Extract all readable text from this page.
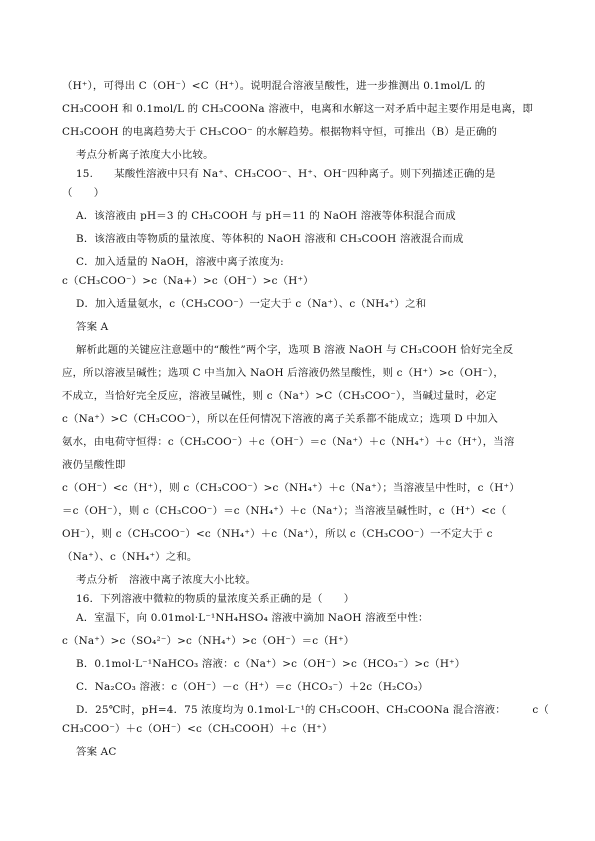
（H⁺），可得出 C（OH⁻）<C（H⁺）。说明混合溶液呈酸性，进一步推测出 0.1mol/L 的
CH₃COOH 和 0.1mol/L 的 CH₃COONa 溶液中，电离和水解这一对矛盾中起主要作用是电离，即
CH₃COOH 的电离趋势大于 CH₃COO⁻ 的水解趋势。根据物料守恒，可推出（B）是正确的
考点分析离子浓度大小比较。
15.　　某酸性溶液中只有 Na⁺、CH₃COO⁻、H⁺、OH⁻四种离子。则下列描述正确的是
（　　）
A．该溶液由 pH＝3 的 CH₃COOH 与 pH＝11 的 NaOH 溶液等体积混合而成
B．该溶液由等物质的量浓度、等体积的 NaOH 溶液和 CH₃COOH 溶液混合而成
C．加入适量的 NaOH，溶液中离子浓度为:
c（CH₃COO⁻）>c（Na+）>c（OH⁻）>c（H⁺）
D．加入适量氨水，c（CH₃COO⁻）一定大于 c（Na⁺）、c（NH₄⁺）之和
答案 A
解析此题的关键应注意题中的“酸性”两个字，选项 B 溶液 NaOH 与 CH₃COOH 恰好完全反
应，所以溶液呈碱性；选项 C 中当加入 NaOH 后溶液仍然呈酸性，则 c（H⁺）>c（OH⁻），
不成立，当恰好完全反应，溶液呈碱性，则 c（Na⁺）>C（CH₃COO⁻），当碱过量时，必定
c（Na⁺）>C（CH₃COO⁻），所以在任何情况下溶液的离子关系都不能成立；选项 D 中加入
氨水，由电荷守恒得：c（CH₃COO⁻）＋c（OH⁻）＝c（Na⁺）＋c（NH₄⁺）＋c（H⁺），当溶
液仍呈酸性即
c（OH⁻）<c（H⁺），则 c（CH₃COO⁻）>c（NH₄⁺）＋c（Na⁺）；当溶液呈中性时，c（H⁺）
＝c（OH⁻），则 c（CH₃COO⁻）＝c（NH₄⁺）＋c（Na⁺）；当溶液呈碱性时，c（H⁺）<c（
OH⁻），则 c（CH₃COO⁻）<c（NH₄⁺）＋c（Na⁺），所以 c（CH₃COO⁻）一不定大于 c
（Na⁺）、c（NH₄⁺）之和。
考点分析　溶液中离子浓度大小比较。
16．下列溶液中微粒的物质的量浓度关系正确的是（　　）
A．室温下，向 0.01mol·L⁻¹NH₄HSO₄ 溶液中滴加 NaOH 溶液至中性：
c（Na⁺）>c（SO₄²⁻）>c（NH₄⁺）>c（OH⁻）＝c（H⁺）
B．0.1mol·L⁻¹NaHCO₃ 溶液：c（Na⁺）>c（OH⁻）>c（HCO₃⁻）>c（H⁺）
C．Na₂CO₃ 溶液：c（OH⁻）－c（H⁺）＝c（HCO₃⁻）＋2c（H₂CO₃）
D．25℃时，pH=4．75 浓度均为 0.1mol·L⁻¹的 CH₃COOH、CH₃COONa 混合溶液：　　　c（
CH₃COO⁻）＋c（OH⁻）<c（CH₃COOH）＋c（H⁺）
答案 AC
